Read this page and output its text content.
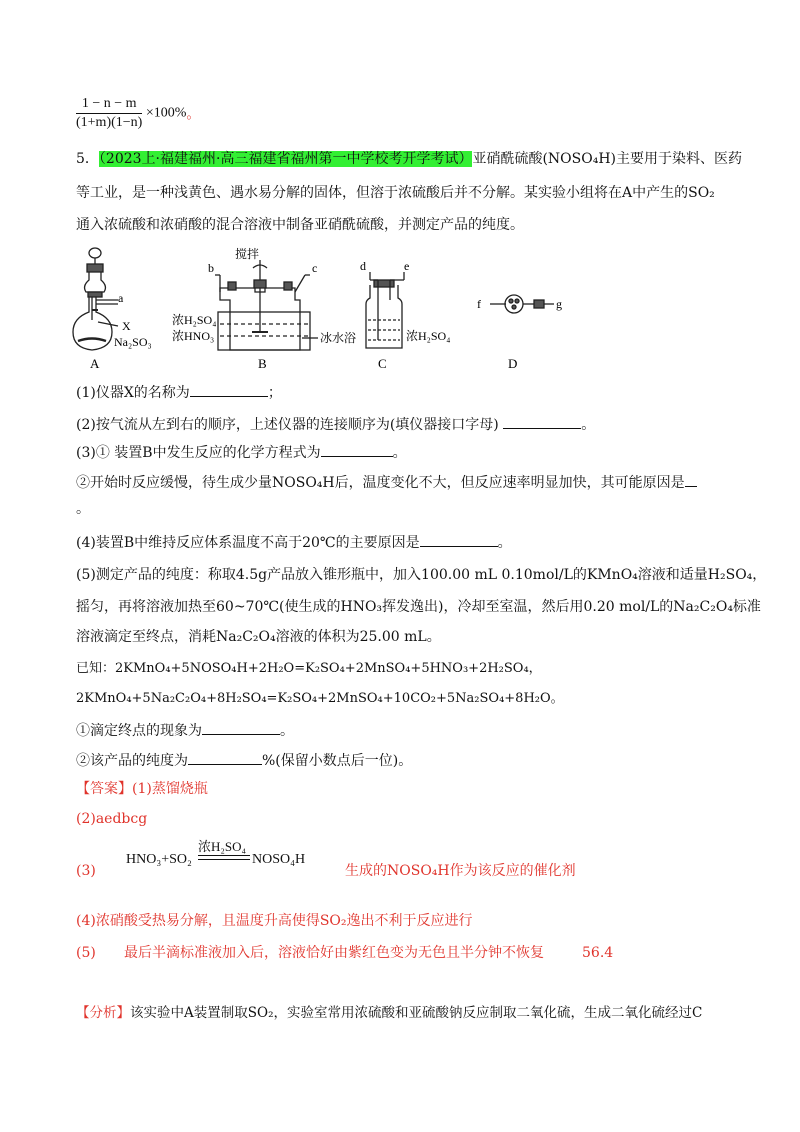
$\frac{1 - n - m}{(1+m)(1-n)} \times 100\%$。
5．（2023上·福建福州·高三福建省福州第一中学校考开学考试）亚硝酰硫酸(NOSO₄H)主要用于染料、医药
等工业，是一种浅黄色、遇水易分解的固体，但溶于浓硫酸后并不分解。某实验小组将在A中产生的SO₂
通入浓硫酸和浓硝酸的混合溶液中制备亚硝酰硫酸，并测定产品的纯度。
a
X
Na₂SO₃
A
搅拌
b	c
浓H₂SO₄
浓HNO₃	冰水浴
B
d	e
浓H₂SO₄
C
f	g
D
(1)仪器X的名称为	；
(2)按气流从左到右的顺序，上述仪器的连接顺序为(填仪器接口字母)	。
(3)① 装置B中发生反应的化学方程式为	。
②开始时反应缓慢，待生成少量NOSO₄H后，温度变化不大，但反应速率明显加快，其可能原因是
。
(4)装置B中维持反应体系温度不高于20℃的主要原因是	。
(5)测定产品的纯度：称取4.5g产品放入锥形瓶中，加入100.00 mL 0.10mol/L的KMnO₄溶液和适量H₂SO₄，
摇匀，再将溶液加热至60~70℃(使生成的HNO₃挥发逸出)，冷却至室温，然后用0.20 mol/L的Na₂C₂O₄标准
溶液滴定至终点，消耗Na₂C₂O₄溶液的体积为25.00 mL。
已知：2KMnO₄+5NOSO₄H+2H₂O=K₂SO₄+2MnSO₄+5HNO₃+2H₂SO₄，
2KMnO₄+5Na₂C₂O₄+8H₂SO₄=K₂SO₄+2MnSO₄+10CO₂+5Na₂SO₄+8H₂O。
①滴定终点的现象为	。
②该产品的纯度为	%(保留小数点后一位)。
【答案】(1)蒸馏烧瓶
(2)aedbcg
(3)
HNO₃+SO₂
浓H₂SO₄
NOSO₄H
生成的NOSO₄H作为该反应的催化剂
(4)浓硝酸受热易分解，且温度升高使得SO₂逸出不利于反应进行
(5) 最后半滴标准液加入后，溶液恰好由紫红色变为无色且半分钟不恢复	56.4
【分析】该实验中A装置制取SO₂，实验室常用浓硫酸和亚硫酸钠反应制取二氧化硫，生成二氧化硫经过C
